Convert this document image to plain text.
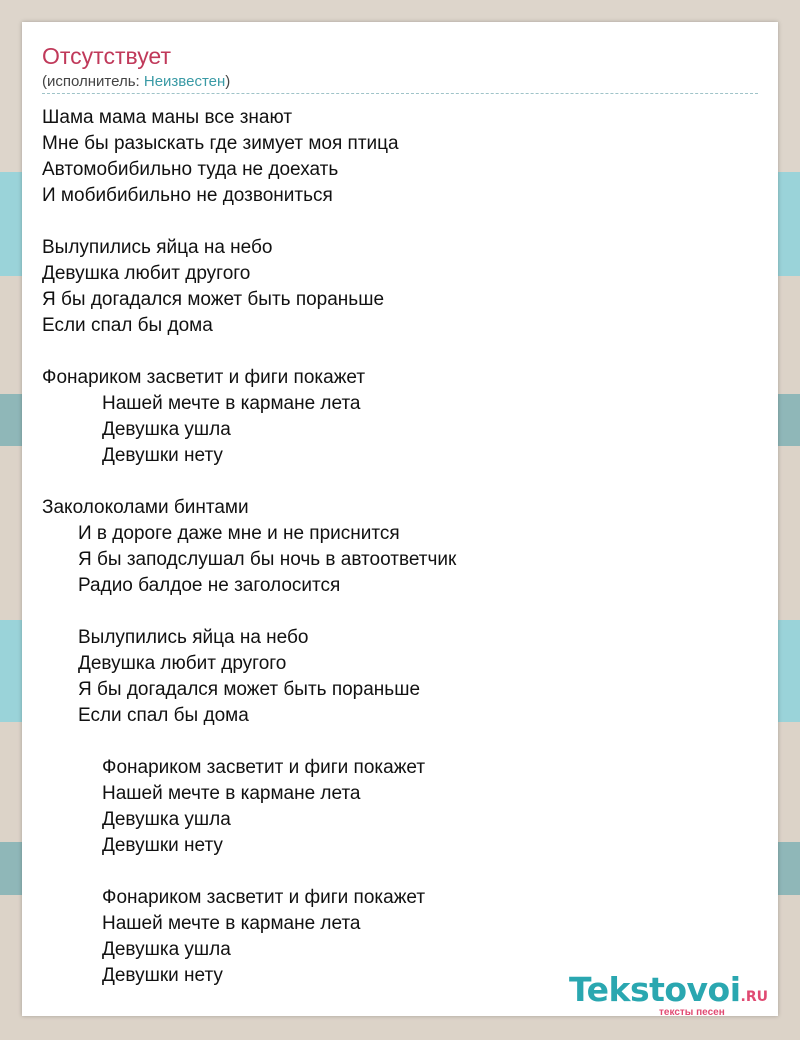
Отсутствует
(исполнитель: Неизвестен)
Шама мама маны все знают
Мне бы разыскать где зимует моя птица
Автомобибильно туда не доехать
И мобибибильно не дозвониться
Вылупились яйца на небо
Девушка любит другого
Я бы догадался может быть пораньше
Если спал бы дома
Фонариком засветит и фиги покажет
Нашей мечте в кармане лета
Девушка ушла
Девушки нету
Заколоколами бинтами
И в дороге даже мне и не приснится
Я бы заподслушал бы ночь в автоответчик
Радио балдое не заголосится
Вылупились яйца на небо
Девушка любит другого
Я бы догадался может быть пораньше
Если спал бы дома
Фонариком засветит и фиги покажет
Нашей мечте в кармане лета
Девушка ушла
Девушки нету
Фонариком засветит и фиги покажет
Нашей мечте в кармане лета
Девушка ушла
Девушки нету	Tekstovoi.RU
тексты песен
